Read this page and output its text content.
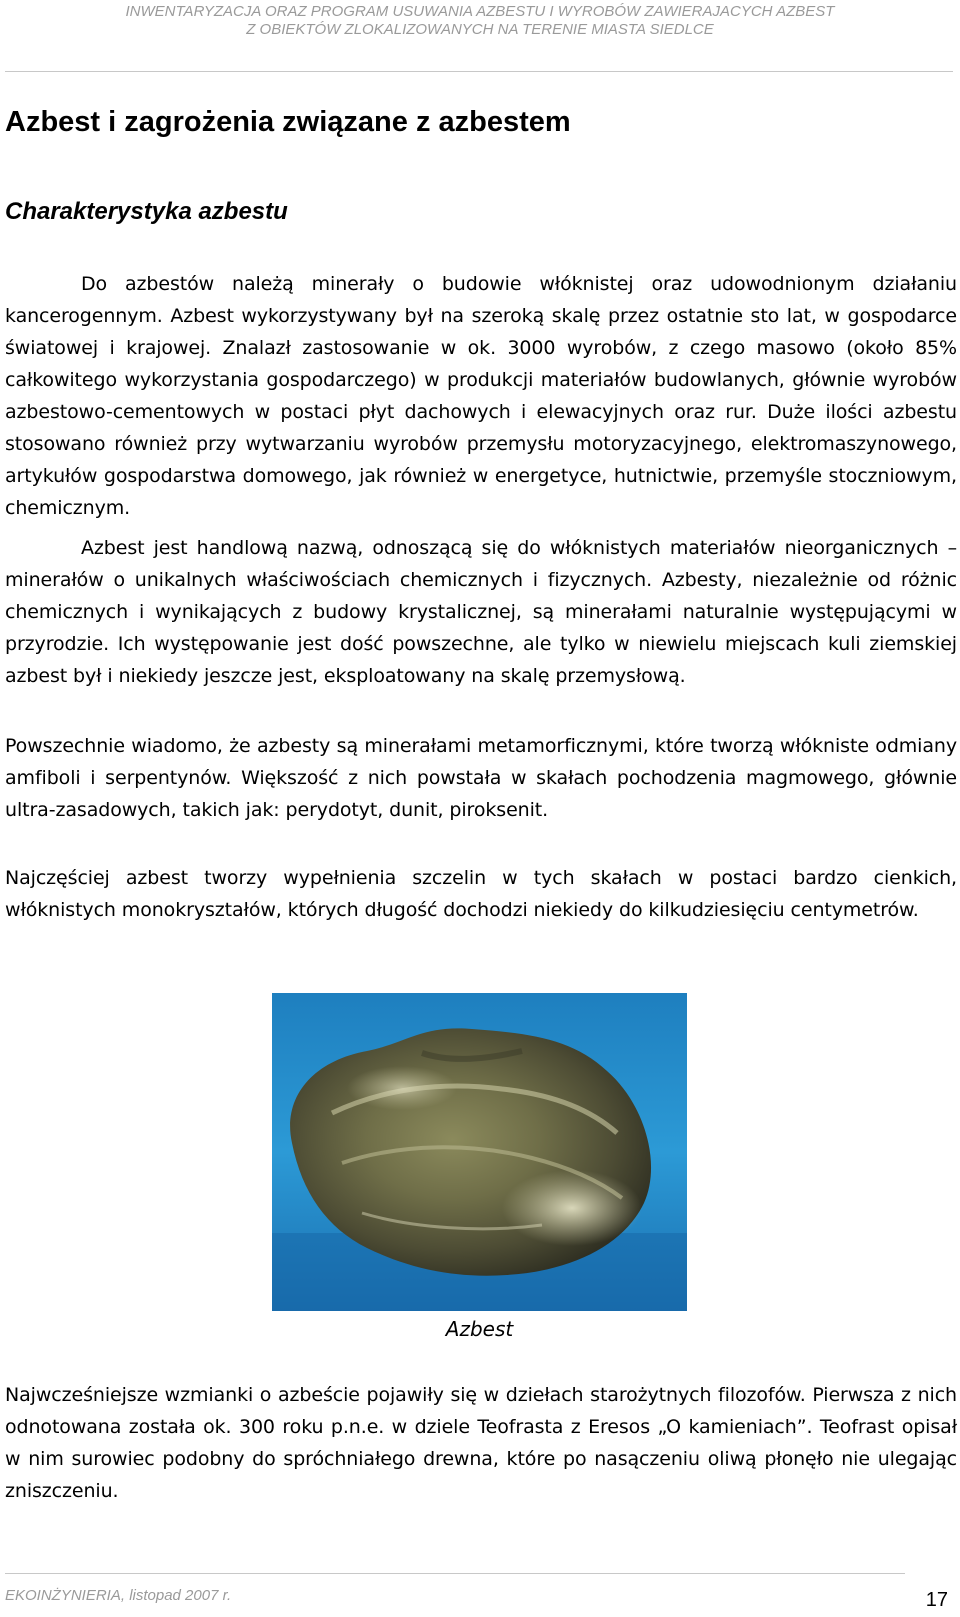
INWENTARYZACJA ORAZ PROGRAM USUWANIA AZBESTU I WYROBÓW ZAWIERAJACYCH AZBEST
Z OBIEKTÓW ZLOKALIZOWANYCH NA TERENIE MIASTA SIEDLCE
Azbest i zagrożenia związane z azbestem
Charakterystyka azbestu

Do azbestów należą minerały o budowie włóknistej oraz udowodnionym działaniu kancerogennym. Azbest wykorzystywany był na szeroką skalę przez ostatnie sto lat, w gospodarce światowej i krajowej. Znalazł zastosowanie w ok. 3000 wyrobów, z czego masowo (około 85% całkowitego wykorzystania gospodarczego) w produkcji materiałów budowlanych, głównie wyrobów azbestowo-cementowych w postaci płyt dachowych i elewacyjnych oraz rur. Duże ilości azbestu stosowano również przy wytwarzaniu wyrobów przemysłu motoryzacyjnego, elektromaszynowego, artykułów gospodarstwa domowego, jak również w energetyce, hutnictwie, przemyśle stoczniowym, chemicznym.

Azbest jest handlową nazwą, odnoszącą się do włóknistych materiałów nieorganicznych – minerałów o unikalnych właściwościach chemicznych i fizycznych. Azbesty, niezależnie od różnic chemicznych i wynikających z budowy krystalicznej, są minerałami naturalnie występującymi w przyrodzie. Ich występowanie jest dość powszechne, ale tylko w niewielu miejscach kuli ziemskiej azbest był i niekiedy jeszcze jest, eksploatowany na skalę przemysłową.

Powszechnie wiadomo, że azbesty są minerałami metamorficznymi, które tworzą włókniste odmiany amfiboli i serpentynów. Większość z nich powstała w skałach pochodzenia magmowego, głównie ultra-zasadowych, takich jak: perydotyt, dunit, piroksenit.

Najczęściej azbest tworzy wypełnienia szczelin w tych skałach w postaci bardzo cienkich, włóknistych monokryształów, których długość dochodzi niekiedy do kilkudziesięciu centymetrów.

Azbest

Najwcześniejsze wzmianki o azbeście pojawiły się w dziełach starożytnych filozofów. Pierwsza z nich odnotowana została ok. 300 roku p.n.e. w dziele Teofrasta z Eresos „O kamieniach”. Teofrast opisał w nim surowiec podobny do spróchniałego drewna, które po nasączeniu oliwą płonęło nie ulegając zniszczeniu.

EKOINŻYNIERIA, listopad 2007 r.	17
